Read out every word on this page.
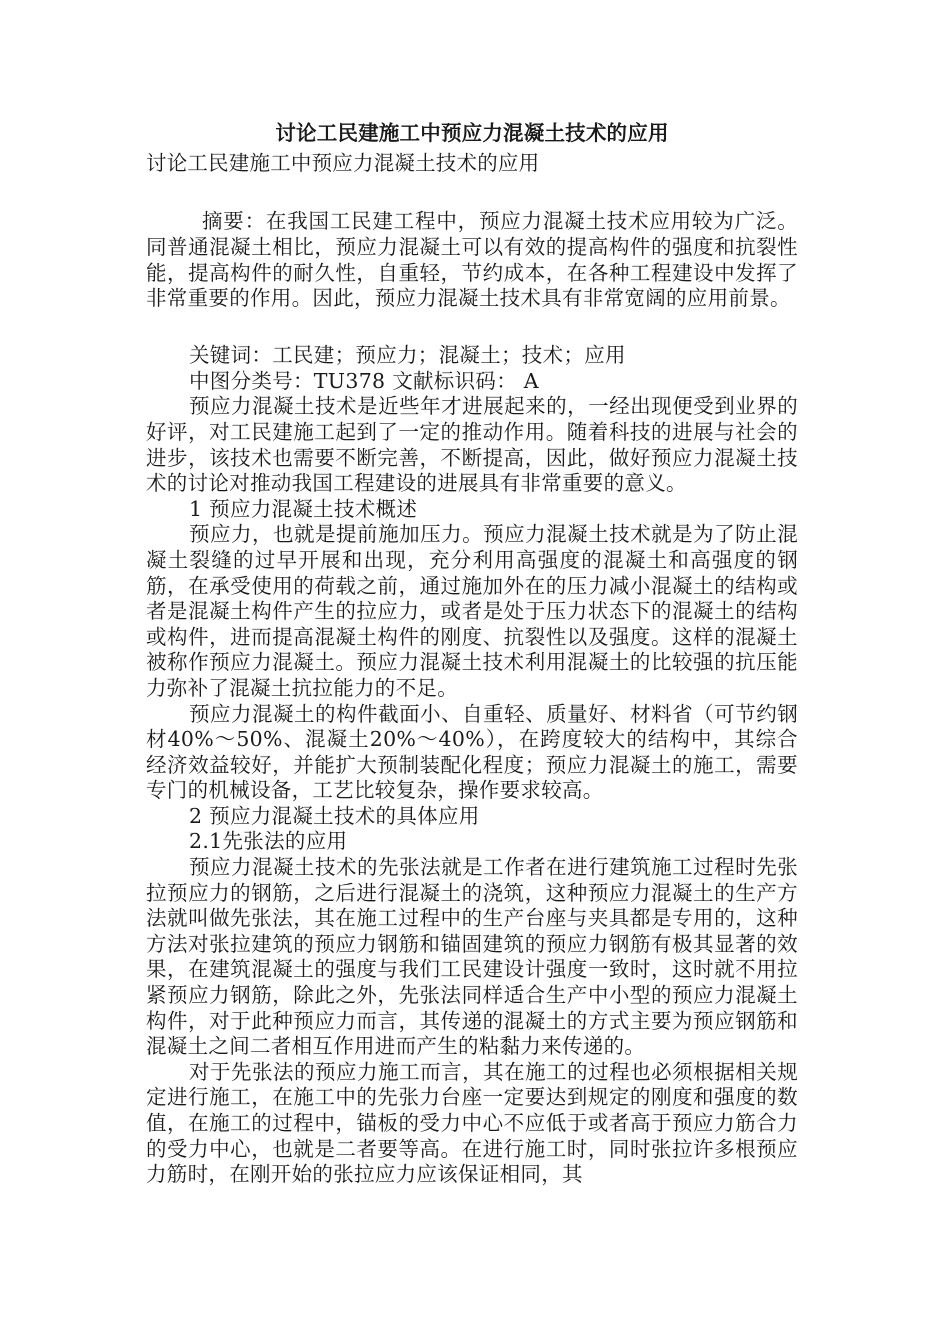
讨论工民建施工中预应力混凝土技术的应用
讨论工民建施工中预应力混凝土技术的应用

摘要：在我国工民建工程中，预应力混凝土技术应用较为广泛。同普通混凝土相比，预应力混凝土可以有效的提高构件的强度和抗裂性能，提高构件的耐久性，自重轻，节约成本，在各种工程建设中发挥了非常重要的作用。因此，预应力混凝土技术具有非常宽阔的应用前景。

关键词：工民建；预应力；混凝土；技术；应用

中图分类号：TU378 文献标识码： A

预应力混凝土技术是近些年才进展起来的，一经出现便受到业界的好评，对工民建施工起到了一定的推动作用。随着科技的进展与社会的进步，该技术也需要不断完善，不断提高，因此，做好预应力混凝土技术的讨论对推动我国工程建设的进展具有非常重要的意义。

1 预应力混凝土技术概述

预应力，也就是提前施加压力。预应力混凝土技术就是为了防止混凝土裂缝的过早开展和出现，充分利用高强度的混凝土和高强度的钢筋，在承受使用的荷载之前，通过施加外在的压力减小混凝土的结构或者是混凝土构件产生的拉应力，或者是处于压力状态下的混凝土的结构或构件，进而提高混凝土构件的刚度、抗裂性以及强度。这样的混凝土被称作预应力混凝土。预应力混凝土技术利用混凝土的比较强的抗压能力弥补了混凝土抗拉能力的不足。

预应力混凝土的构件截面小、自重轻、质量好、材料省（可节约钢材40%～50%、混凝土20%～40%），在跨度较大的结构中，其综合经济效益较好，并能扩大预制装配化程度；预应力混凝土的施工，需要专门的机械设备，工艺比较复杂，操作要求较高。

2 预应力混凝土技术的具体应用

2.1先张法的应用

预应力混凝土技术的先张法就是工作者在进行建筑施工过程时先张拉预应力的钢筋，之后进行混凝土的浇筑，这种预应力混凝土的生产方法就叫做先张法，其在施工过程中的生产台座与夹具都是专用的，这种方法对张拉建筑的预应力钢筋和锚固建筑的预应力钢筋有极其显著的效果，在建筑混凝土的强度与我们工民建设计强度一致时，这时就不用拉紧预应力钢筋，除此之外，先张法同样适合生产中小型的预应力混凝土构件，对于此种预应力而言，其传递的混凝土的方式主要为预应钢筋和混凝土之间二者相互作用进而产生的粘黏力来传递的。

对于先张法的预应力施工而言，其在施工的过程也必须根据相关规定进行施工，在施工中的先张力台座一定要达到规定的刚度和强度的数值，在施工的过程中，锚板的受力中心不应低于或者高于预应力筋合力的受力中心，也就是二者要等高。在进行施工时，同时张拉许多根预应力筋时，在刚开始的张拉应力应该保证相同，其
